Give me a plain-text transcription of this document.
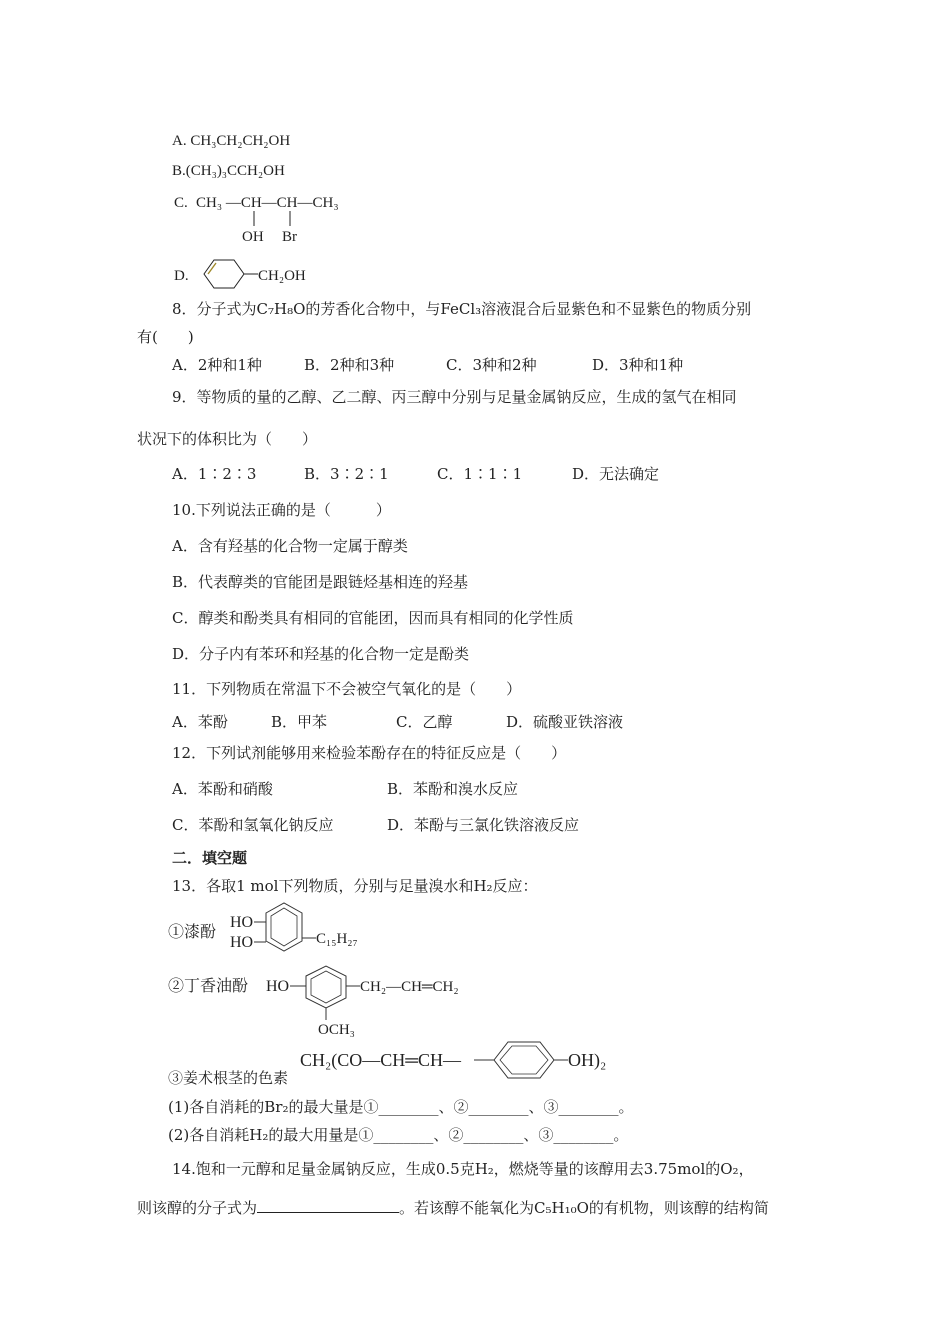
A. CH₃CH₂CH₂OH
B.(CH₃)₃CCH₂OH
C. CH₃ —CH—CH—CH₃
OH Br
D.	CH₂OH
8．分子式为C₇H₈O的芳香化合物中，与FeCl₃溶液混合后显紫色和不显紫色的物质分别
有(　　)
A．2种和1种	B．2种和3种	C．3种和2种	D．3种和1种
9．等物质的量的乙醇、乙二醇、丙三醇中分别与足量金属钠反应，生成的氢气在相同
状况下的体积比为（　　）
A．1∶2∶3	B．3∶2∶1	C．1∶1∶1	D．无法确定
10.下列说法正确的是（　　　）
A．含有羟基的化合物一定属于醇类
B．代表醇类的官能团是跟链烃基相连的羟基
C．醇类和酚类具有相同的官能团，因而具有相同的化学性质
D．分子内有苯环和羟基的化合物一定是酚类
11．下列物质在常温下不会被空气氧化的是（　　）
A．苯酚	B．甲苯	C．乙醇	D．硫酸亚铁溶液
12．下列试剂能够用来检验苯酚存在的特征反应是（　　）
A．苯酚和硝酸	B．苯酚和溴水反应
C．苯酚和氢氧化钠反应	D．苯酚与三氯化铁溶液反应
二．填空题
13．各取1 mol下列物质，分别与足量溴水和H₂反应：
①漆酚
HO
HO	C₁₅H₂₇
②丁香油酚 HO	CH₂—CH═CH₂
OCH₃
CH₂(CO—CH═CH—	OH)₂
③姜术根茎的色素
(1)各自消耗的Br₂的最大量是①________、②________、③________。
(2)各自消耗H₂的最大用量是①________、②________、③________。
14.饱和一元醇和足量金属钠反应，生成0.5克H₂，燃烧等量的该醇用去3.75mol的O₂，
则该醇的分子式为	。若该醇不能氧化为C₅H₁₀O的有机物，则该醇的结构简
